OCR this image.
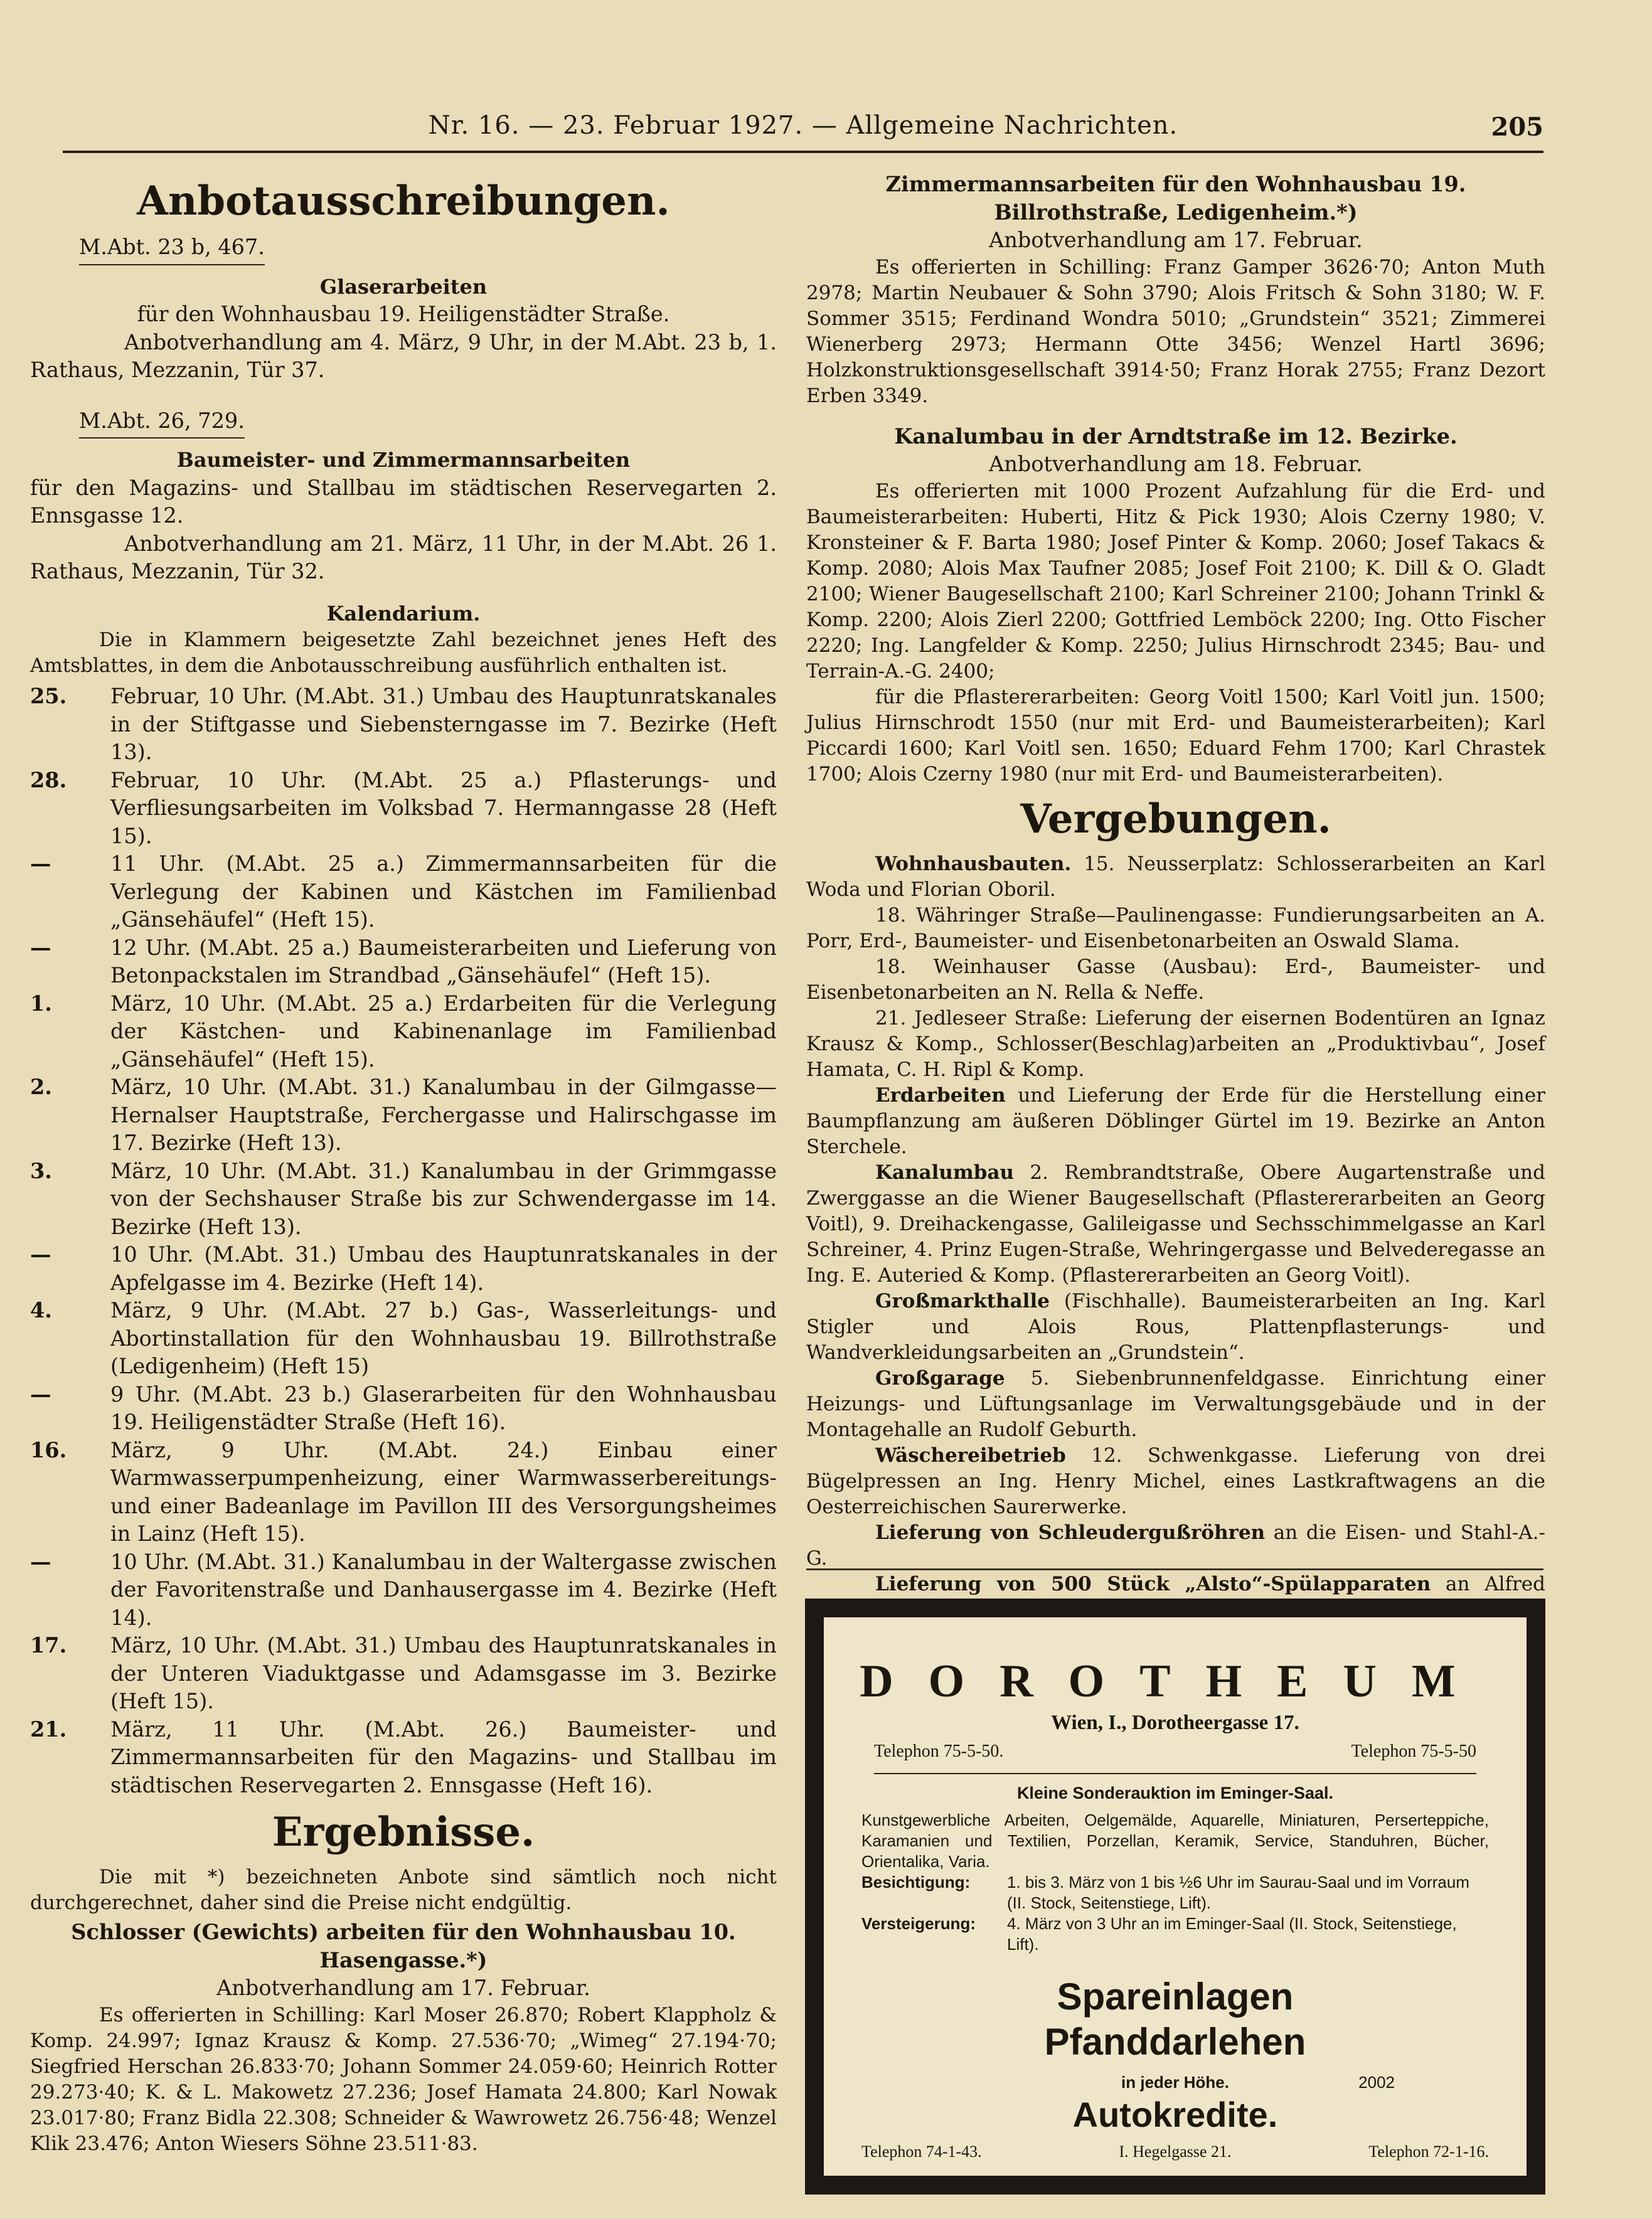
Nr. 16. — 23. Februar 1927. — Allgemeine Nachrichten.	205
Anbotausschreibungen.
M.Abt. 23 b, 467.
Glaserarbeiten
für den Wohnhausbau 19. Heiligenstädter Straße.
Anbotverhandlung am 4. März, 9 Uhr, in der M.Abt. 23 b, 1. Rathaus, Mezzanin, Tür 37.
M.Abt. 26, 729.
Baumeister- und Zimmermannsarbeiten
für den Magazins- und Stallbau im städtischen Reservegarten 2. Ennsgasse 12.
Anbotverhandlung am 21. März, 11 Uhr, in der M.Abt. 26 1. Rathaus, Mezzanin, Tür 32.
Kalendarium.
Die in Klammern beigesetzte Zahl bezeichnet jenes Heft des Amtsblattes, in dem die Anbotausschreibung ausführlich enthalten ist.
25. Februar, 10 Uhr. (M.Abt. 31.) Umbau des Hauptunratskanales in der Stiftgasse und Siebensterngasse im 7. Bezirke (Heft 13).
28. Februar, 10 Uhr. (M.Abt. 25 a.) Pflasterungs- und Verfliesungsarbeiten im Volksbad 7. Hermanngasse 28 (Heft 15).
—	11 Uhr. (M.Abt. 25 a.) Zimmermannsarbeiten für die Verlegung der Kabinen und Kästchen im Familienbad „Gänsehäufel“ (Heft 15).
—	12 Uhr. (M.Abt. 25 a.) Baumeisterarbeiten und Lieferung von Betonpackstalen im Strandbad „Gänsehäufel“ (Heft 15).
1.	März, 10 Uhr. (M.Abt. 25 a.) Erdarbeiten für die Verlegung der Kästchen- und Kabinenanlage im Familienbad „Gänsehäufel“ (Heft 15).
2.	März, 10 Uhr. (M.Abt. 31.) Kanalumbau in der Gilmgasse—Hernalser Hauptstraße, Ferchergasse und Halirschgasse im 17. Bezirke (Heft 13).
3.	März, 10 Uhr. (M.Abt. 31.) Kanalumbau in der Grimmgasse von der Sechshauser Straße bis zur Schwendergasse im 14. Bezirke (Heft 13).
—	10 Uhr. (M.Abt. 31.) Umbau des Hauptunratskanales in der Apfelgasse im 4. Bezirke (Heft 14).
4.	März, 9 Uhr. (M.Abt. 27 b.) Gas-, Wasserleitungs- und Abortinstallation für den Wohnhausbau 19. Billrothstraße (Ledigenheim) (Heft 15)
—	9 Uhr. (M.Abt. 23 b.) Glaserarbeiten für den Wohnhausbau 19. Heiligenstädter Straße (Heft 16).
16. März, 9 Uhr. (M.Abt. 24.) Einbau einer Warmwasserpumpenheizung, einer Warmwasserbereitungs- und einer Badeanlage im Pavillon III des Versorgungsheimes in Lainz (Heft 15).
—	10 Uhr. (M.Abt. 31.) Kanalumbau in der Waltergasse zwischen der Favoritenstraße und Danhausergasse im 4. Bezirke (Heft 14).
17. März, 10 Uhr. (M.Abt. 31.) Umbau des Hauptunratskanales in der Unteren Viaduktgasse und Adamsgasse im 3. Bezirke (Heft 15).
21. März, 11 Uhr. (M.Abt. 26.) Baumeister- und Zimmermannsarbeiten für den Magazins- und Stallbau im städtischen Reservegarten 2. Ennsgasse (Heft 16).
Ergebnisse.
Die mit *) bezeichneten Anbote sind sämtlich noch nicht durchgerechnet, daher sind die Preise nicht endgültig.
Schlosser (Gewichts) arbeiten für den Wohnhausbau 10. Hasengasse.*)
Anbotverhandlung am 17. Februar.
Es offerierten in Schilling: Karl Moser 26.870; Robert Klappholz & Komp. 24.997; Ignaz Krausz & Komp. 27.536·70; „Wimeg“ 27.194·70; Siegfried Herschan 26.833·70; Johann Sommer 24.059·60; Heinrich Rotter 29.273·40; K. & L. Makowetz 27.236; Josef Hamata 24.800; Karl Nowak 23.017·80; Franz Bidla 22.308; Schneider & Wawrowetz 26.756·48; Wenzel Klik 23.476; Anton Wiesers Söhne 23.511·83.
Zimmermannsarbeiten für den Wohnhausbau 19. Billrothstraße, Ledigenheim.*)
Anbotverhandlung am 17. Februar.
Es offerierten in Schilling: Franz Gamper 3626·70; Anton Muth 2978; Martin Neubauer & Sohn 3790; Alois Fritsch & Sohn 3180; W. F. Sommer 3515; Ferdinand Wondra 5010; „Grundstein“ 3521; Zimmerei Wienerberg 2973; Hermann Otte 3456; Wenzel Hartl 3696; Holzkonstruktionsgesellschaft 3914·50; Franz Horak 2755; Franz Dezort Erben 3349.
Kanalumbau in der Arndtstraße im 12. Bezirke.
Anbotverhandlung am 18. Februar.
Es offerierten mit 1000 Prozent Aufzahlung für die Erd- und Baumeisterarbeiten: Huberti, Hitz & Pick 1930; Alois Czerny 1980; V. Kronsteiner & F. Barta 1980; Josef Pinter & Komp. 2060; Josef Takacs & Komp. 2080; Alois Max Taufner 2085; Josef Foit 2100; K. Dill & O. Gladt 2100; Wiener Baugesellschaft 2100; Karl Schreiner 2100; Johann Trinkl & Komp. 2200; Alois Zierl 2200; Gottfried Lemböck 2200; Ing. Otto Fischer 2220; Ing. Langfelder & Komp. 2250; Julius Hirnschrodt 2345; Bau- und Terrain-A.-G. 2400;
für die Pflastererarbeiten: Georg Voitl 1500; Karl Voitl jun. 1500; Julius Hirnschrodt 1550 (nur mit Erd- und Baumeisterarbeiten); Karl Piccardi 1600; Karl Voitl sen. 1650; Eduard Fehm 1700; Karl Chrastek 1700; Alois Czerny 1980 (nur mit Erd- und Baumeisterarbeiten).
Vergebungen.
Wohnhausbauten. 15. Neusserplatz: Schlosserarbeiten an Karl Woda und Florian Oboril.
18. Währinger Straße—Paulinengasse: Fundierungsarbeiten an A. Porr, Erd-, Baumeister- und Eisenbetonarbeiten an Oswald Slama.
18. Weinhauser Gasse (Ausbau): Erd-, Baumeister- und Eisenbetonarbeiten an N. Rella & Neffe.
21. Jedleseer Straße: Lieferung der eisernen Bodentüren an Ignaz Krausz & Komp., Schlosser(Beschlag)arbeiten an „Produktivbau“, Josef Hamata, C. H. Ripl & Komp.
Erdarbeiten und Lieferung der Erde für die Herstellung einer Baumpflanzung am äußeren Döblinger Gürtel im 19. Bezirke an Anton Sterchele.
Kanalumbau 2. Rembrandtstraße, Obere Augartenstraße und Zwerggasse an die Wiener Baugesellschaft (Pflastererarbeiten an Georg Voitl), 9. Dreihackengasse, Galileigasse und Sechsschimmelgasse an Karl Schreiner, 4. Prinz Eugen-Straße, Wehringergasse und Belvederegasse an Ing. E. Auteried & Komp. (Pflastererarbeiten an Georg Voitl).
Großmarkthalle (Fischhalle). Baumeisterarbeiten an Ing. Karl Stigler und Alois Rous, Plattenpflasterungs- und Wandverkleidungsarbeiten an „Grundstein“.
Großgarage 5. Siebenbrunnenfeldgasse. Einrichtung einer Heizungs- und Lüftungsanlage im Verwaltungsgebäude und in der Montagehalle an Rudolf Geburth.
Wäschereibetrieb 12. Schwenkgasse. Lieferung von drei Bügelpressen an Ing. Henry Michel, eines Lastkraftwagens an die Oesterreichischen Saurerwerke.
Lieferung von Schleudergußröhren an die Eisen- und Stahl-A.-G.
Lieferung von 500 Stück „Alsto“-Spülapparaten an Alfred
DOROTHEUM
Wien, I., Dorotheergasse 17.
Telephon 75-5-50.	Telephon 75-5-50
Kleine Sonderauktion im Eminger-Saal.
Kunstgewerbliche Arbeiten, Oelgemälde, Aquarelle, Miniaturen, Perserteppiche, Karamanien und Textilien, Porzellan, Keramik, Service, Standuhren, Bücher, Orientalika, Varia.
Besichtigung: 1. bis 3. März von 1 bis ½6 Uhr im Saurau-Saal und im Vorraum (II. Stock, Seitenstiege, Lift).
Versteigerung: 4. März von 3 Uhr an im Eminger-Saal (II. Stock, Seitenstiege, Lift).
Spareinlagen
Pfanddarlehen
in jeder Höhe.	2002
Autokredite.
Telephon 74-1-43.	I. Hegelgasse 21.	Telephon 72-1-16.
